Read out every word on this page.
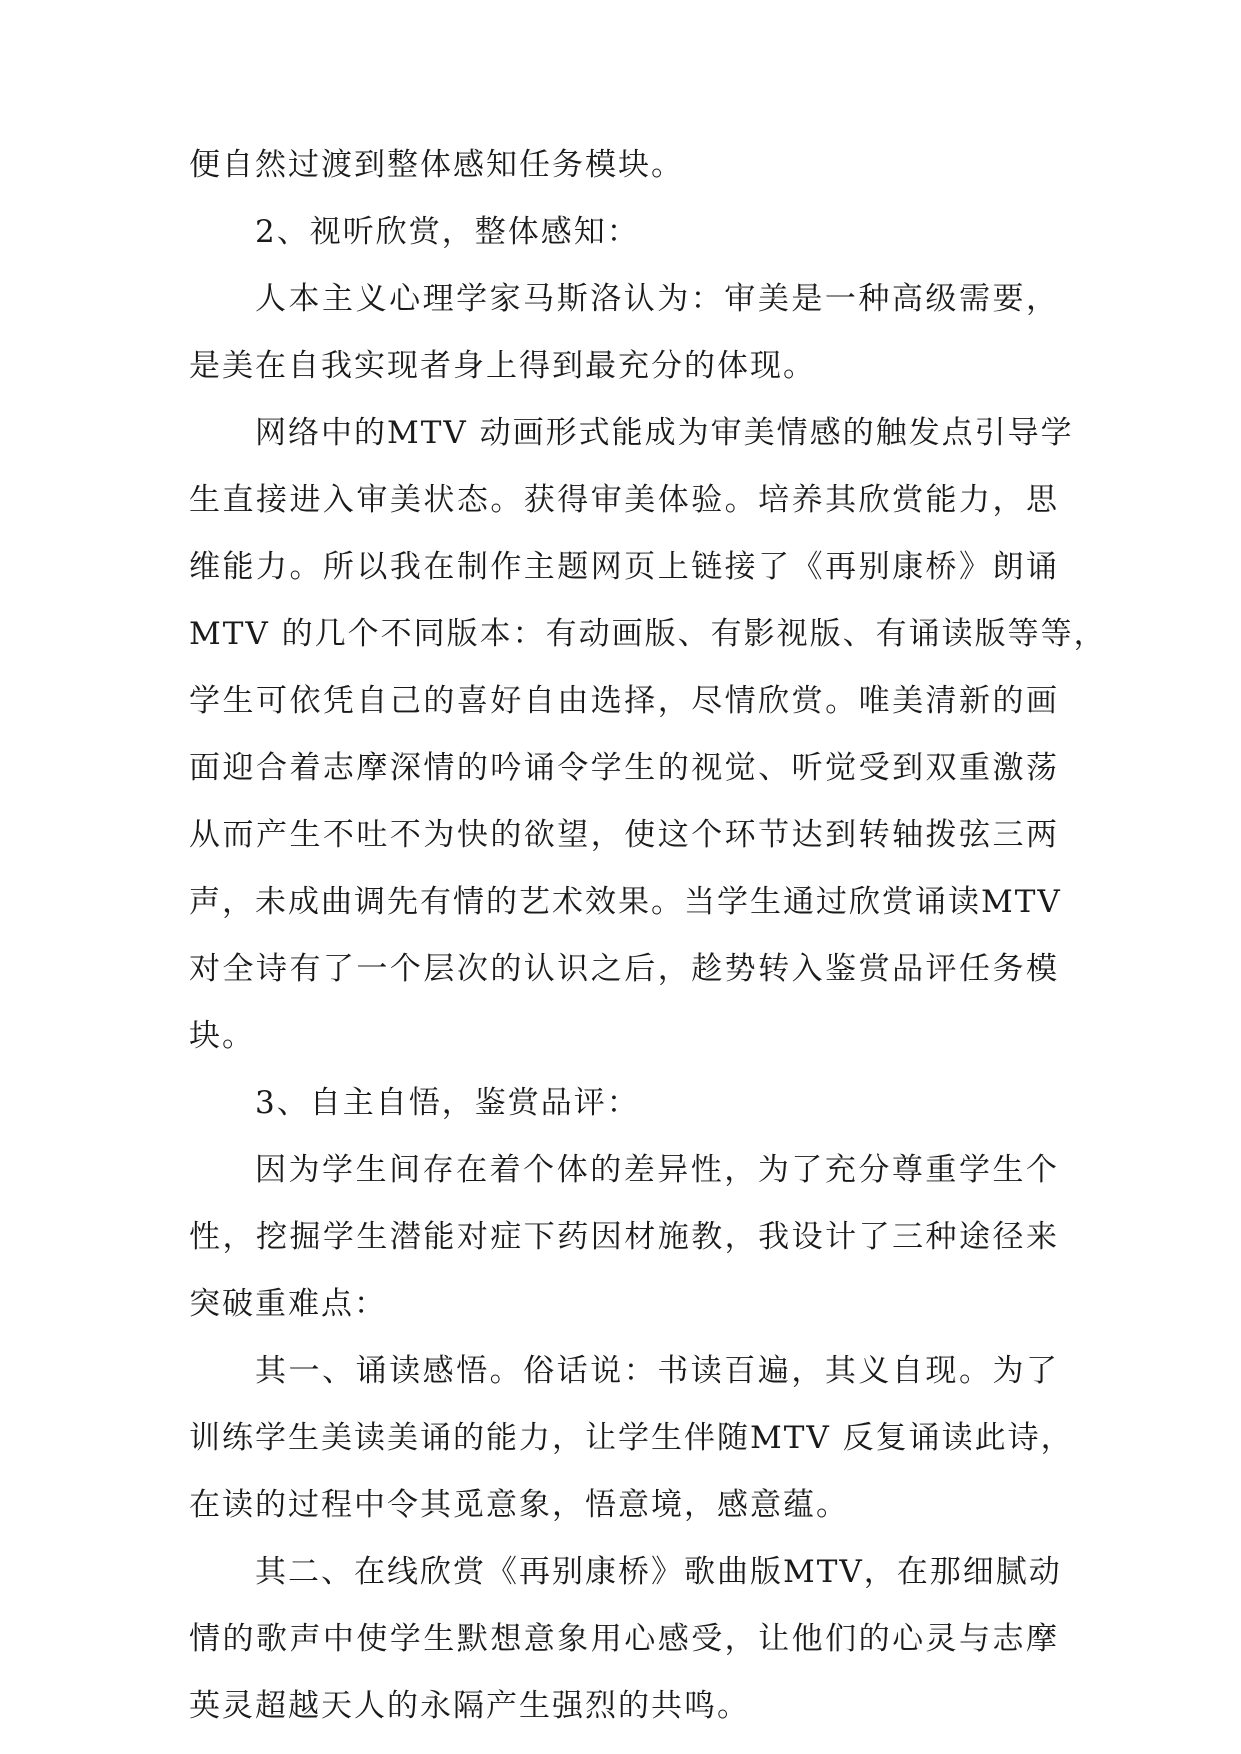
便自然过渡到整体感知任务模块。
2、视听欣赏，整体感知：
人本主义心理学家马斯洛认为：审美是一种高级需要，
是美在自我实现者身上得到最充分的体现。
网络中的MTV 动画形式能成为审美情感的触发点引导学
生直接进入审美状态。获得审美体验。培养其欣赏能力，思
维能力。所以我在制作主题网页上链接了《再别康桥》朗诵
MTV 的几个不同版本：有动画版、有影视版、有诵读版等等，
学生可依凭自己的喜好自由选择，尽情欣赏。唯美清新的画
面迎合着志摩深情的吟诵令学生的视觉、听觉受到双重激荡
从而产生不吐不为快的欲望，使这个环节达到转轴拨弦三两
声，未成曲调先有情的艺术效果。当学生通过欣赏诵读MTV
对全诗有了一个层次的认识之后，趁势转入鉴赏品评任务模
块。
3、自主自悟，鉴赏品评：
因为学生间存在着个体的差异性，为了充分尊重学生个
性，挖掘学生潜能对症下药因材施教，我设计了三种途径来
突破重难点：
其一、诵读感悟。俗话说：书读百遍，其义自现。为了
训练学生美读美诵的能力，让学生伴随MTV 反复诵读此诗，
在读的过程中令其觅意象，悟意境，感意蕴。
其二、在线欣赏《再别康桥》歌曲版MTV，在那细腻动
情的歌声中使学生默想意象用心感受，让他们的心灵与志摩
英灵超越天人的永隔产生强烈的共鸣。
